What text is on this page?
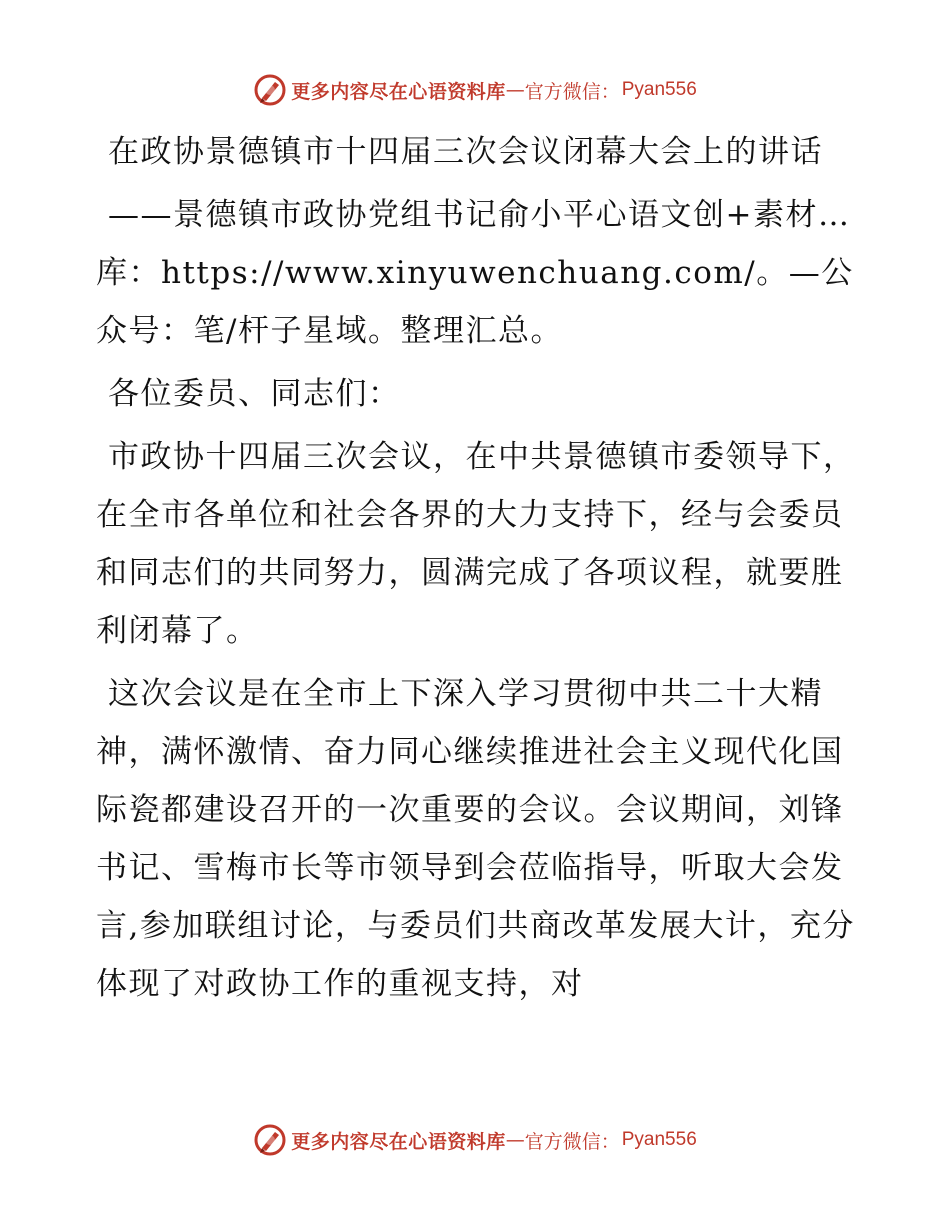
更多内容尽在心语资料库 — 官方微信： Pyan556

在政协景德镇市十四届三次会议闭幕大会上的讲话

——景德镇市政协党组书记俞小平心语文创+素材…库：https://www.xinyuwenchuang.com/。—公众号：笔/杆子星域。整理汇总。

各位委员、同志们：

市政协十四届三次会议，在中共景德镇市委领导下，在全市各单位和社会各界的大力支持下，经与会委员和同志们的共同努力，圆满完成了各项议程，就要胜利闭幕了。

这次会议是在全市上下深入学习贯彻中共二十大精神，满怀激情、奋力同心继续推进社会主义现代化国际瓷都建设召开的一次重要的会议。会议期间，刘锋书记、雪梅市长等市领导到会莅临指导，听取大会发言,参加联组讨论，与委员们共商改革发展大计，充分体现了对政协工作的重视支持，对

更多内容尽在心语资料库 — 官方微信： Pyan556
